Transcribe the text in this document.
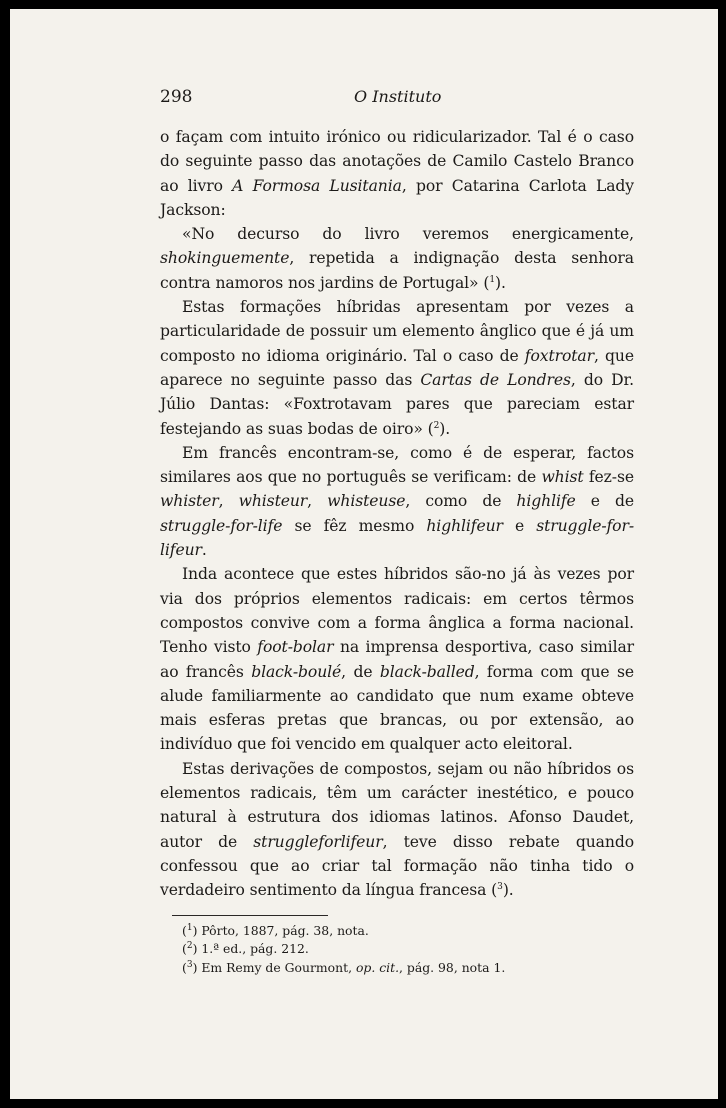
298	O Instituto

o façam com intuito irónico ou ridicularizador. Tal é o caso do seguinte passo das anotações de Camilo Castelo Branco ao livro A Formosa Lusitania, por Catarina Carlota Lady Jackson:

«No decurso do livro veremos energicamente, shokinguemente, repetida a indignação desta senhora contra namoros nos jardins de Portugal» ($^1$).

Estas formações híbridas apresentam por vezes a particularidade de possuir um elemento ânglico que é já um composto no idioma originário. Tal o caso de foxtrotar, que aparece no seguinte passo das Cartas de Londres, do Dr. Júlio Dantas: «Foxtrotavam pares que pareciam estar festejando as suas bodas de oiro» ($^2$).

Em francês encontram-se, como é de esperar, factos similares aos que no português se verificam: de whist fez-se whister, whisteur, whisteuse, como de highlife e de struggle-for-life se fêz mesmo highlifeur e struggle-for-lifeur.

Inda acontece que estes híbridos são-no já às vezes por via dos próprios elementos radicais: em certos têrmos compostos convive com a forma ânglica a forma nacional. Tenho visto foot-bolar na imprensa desportiva, caso similar ao francês black-boulé, de black-balled, forma com que se alude familiarmente ao candidato que num exame obteve mais esferas pretas que brancas, ou por extensão, ao indivíduo que foi vencido em qualquer acto eleitoral.

Estas derivações de compostos, sejam ou não híbridos os elementos radicais, têm um carácter inestético, e pouco natural à estrutura dos idiomas latinos. Afonso Daudet, autor de struggleforlifeur, teve disso rebate quando confessou que ao criar tal formação não tinha tido o verdadeiro sentimento da língua francesa ($^3$).

($^1$) Pôrto, 1887, pág. 38, nota.
($^2$) 1.ª ed., pág. 212.
($^3$) Em Remy de Gourmont, op. cit., pág. 98, nota 1.
